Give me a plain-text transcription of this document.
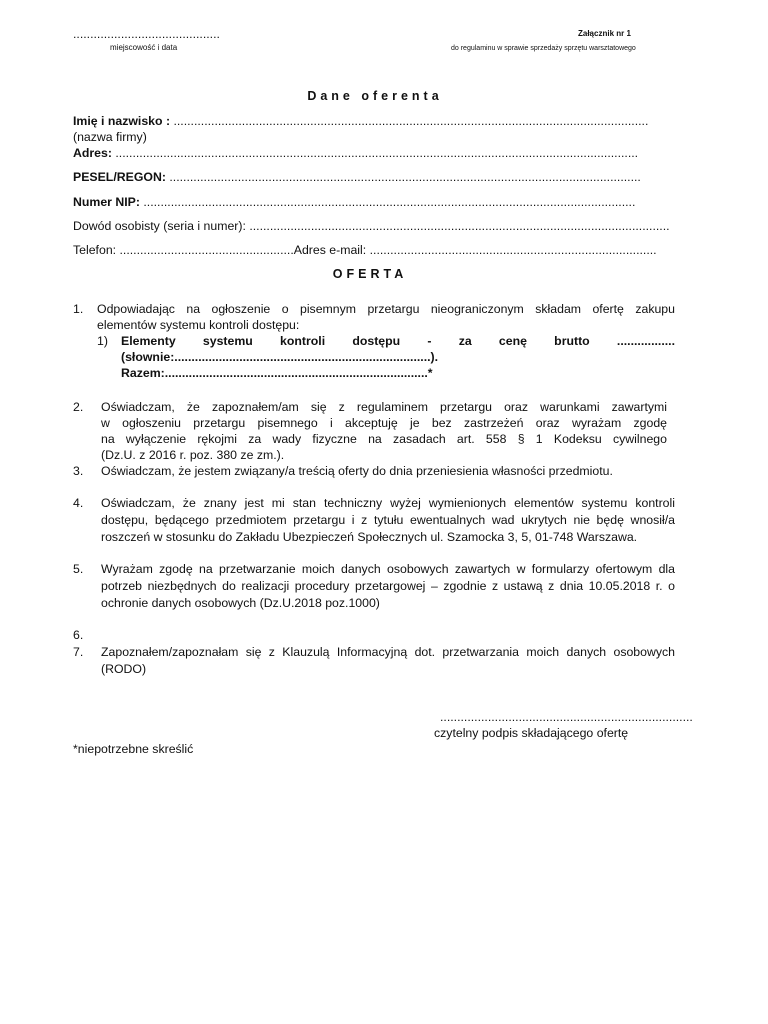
...........................................
miejscowość i data
Załącznik nr 1
do regulaminu w sprawie sprzedaży sprzętu warsztatowego
Dane oferenta
Imię i nazwisko : ...........................................................................................................................................
(nazwa firmy)
Adres: .........................................................................................................................................................
PESEL/REGON: ..........................................................................................................................................
Numer NIP: ................................................................................................................................................
Dowód osobisty (seria i numer): ...........................................................................................................................
Telefon: ...................................................Adres e-mail: ....................................................................................
OFERTA
1. Odpowiadając na ogłoszenie o pisemnym przetargu nieograniczonym składam ofertę zakupu
elementów systemu kontroli dostępu:
1) Elementy systemu kontroli dostępu - za cenę brutto .................
(słownie:...........................................................................).
Razem:.............................................................................*
2. Oświadczam, że zapoznałem/am się z regulaminem przetargu oraz warunkami zawartymi
w ogłoszeniu przetargu pisemnego i akceptuję je bez zastrzeżeń oraz wyrażam zgodę
na wyłączenie rękojmi za wady fizyczne na zasadach art. 558 § 1 Kodeksu cywilnego
(Dz.U. z 2016 r. poz. 380 ze zm.).
3. Oświadczam, że jestem związany/a treścią oferty do dnia przeniesienia własności przedmiotu.
4. Oświadczam, że znany jest mi stan techniczny wyżej wymienionych elementów systemu kontroli
dostępu, będącego przedmiotem przetargu i z tytułu ewentualnych wad ukrytych nie będę wnosił/a
roszczeń w stosunku do Zakładu Ubezpieczeń Społecznych ul. Szamocka 3, 5, 01-748 Warszawa.
5. Wyrażam zgodę na przetwarzanie moich danych osobowych zawartych w formularzy ofertowym dla
potrzeb niezbędnych do realizacji procedury przetargowej – zgodnie z ustawą z dnia 10.05.2018 r. o
ochronie danych osobowych (Dz.U.2018 poz.1000)
6.
7. Zapoznałem/zapoznałam się z Klauzulą Informacyjną dot. przetwarzania moich danych osobowych
(RODO)
..........................................................................
czytelny podpis składającego ofertę
*niepotrzebne skreślić
